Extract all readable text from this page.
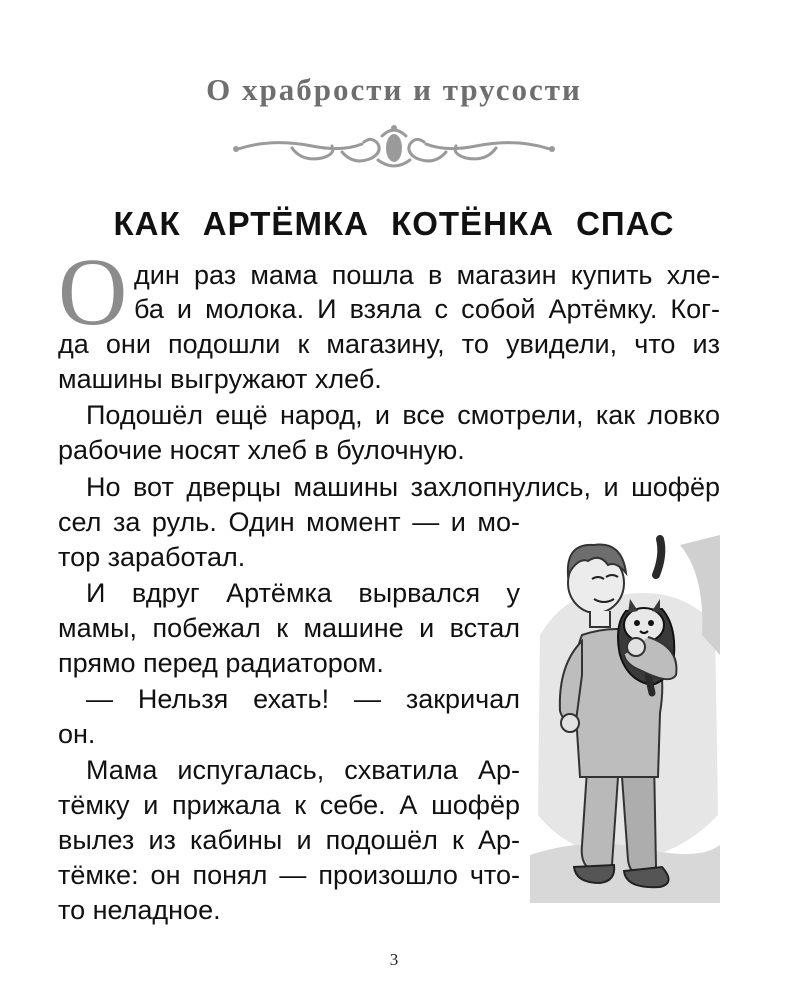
О храбрости и трусости
КАК АРТЁМКА КОТЁНКА СПАС
О дин раз мама пошла в магазин купить хле-
ба и молока. И взяла с собой Артёмку. Ког-
да они подошли к магазину, то увидели, что из
машины выгружают хлеб.
Подошёл ещё народ, и все смотрели, как ловко
рабочие носят хлеб в булочную.
Но вот дверцы машины захлопнулись, и шофёр
сел за руль. Один момент — и мо-
тор заработал.
И вдруг Артёмка вырвался у
мамы, побежал к машине и встал
прямо перед радиатором.
— Нельзя ехать! — закричал
он.
Мама испугалась, схватила Ар-
тёмку и прижала к себе. А шофёр
вылез из кабины и подошёл к Ар-
тёмке: он понял — произошло что-
то неладное.
3
